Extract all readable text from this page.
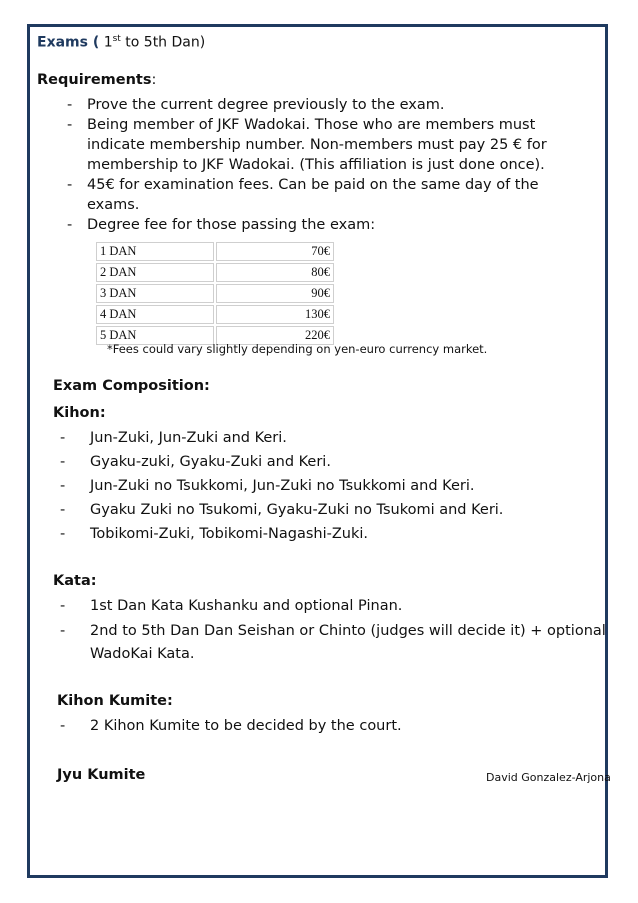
Exams ( 1st to 5th Dan)
Requirements:
- Prove the current degree previously to the exam.
- Being member of JKF Wadokai. Those who are members must indicate membership number. Non-members must pay 25 € for membership to JKF Wadokai. (This affiliation is just done once).
- 45€ for examination fees. Can be paid on the same day of the exams.
- Degree fee for those passing the exam:
1 DAN	70€
2 DAN	80€
3 DAN	90€
4 DAN	130€
5 DAN	220€
*Fees could vary slightly depending on yen-euro currency market.
Exam Composition:
Kihon:
- Jun-Zuki, Jun-Zuki and Keri.
- Gyaku-zuki, Gyaku-Zuki and Keri.
- Jun-Zuki no Tsukkomi, Jun-Zuki no Tsukkomi and Keri.
- Gyaku Zuki no Tsukomi, Gyaku-Zuki no Tsukomi and Keri.
- Tobikomi-Zuki, Tobikomi-Nagashi-Zuki.
Kata:
- 1st Dan Kata Kushanku and optional Pinan.
- 2nd to 5th Dan Dan Seishan or Chinto (judges will decide it) + optional
WadoKai Kata.
Kihon Kumite:
- 2 Kihon Kumite to be decided by the court.
Jyu Kumite	David Gonzalez-Arjona
